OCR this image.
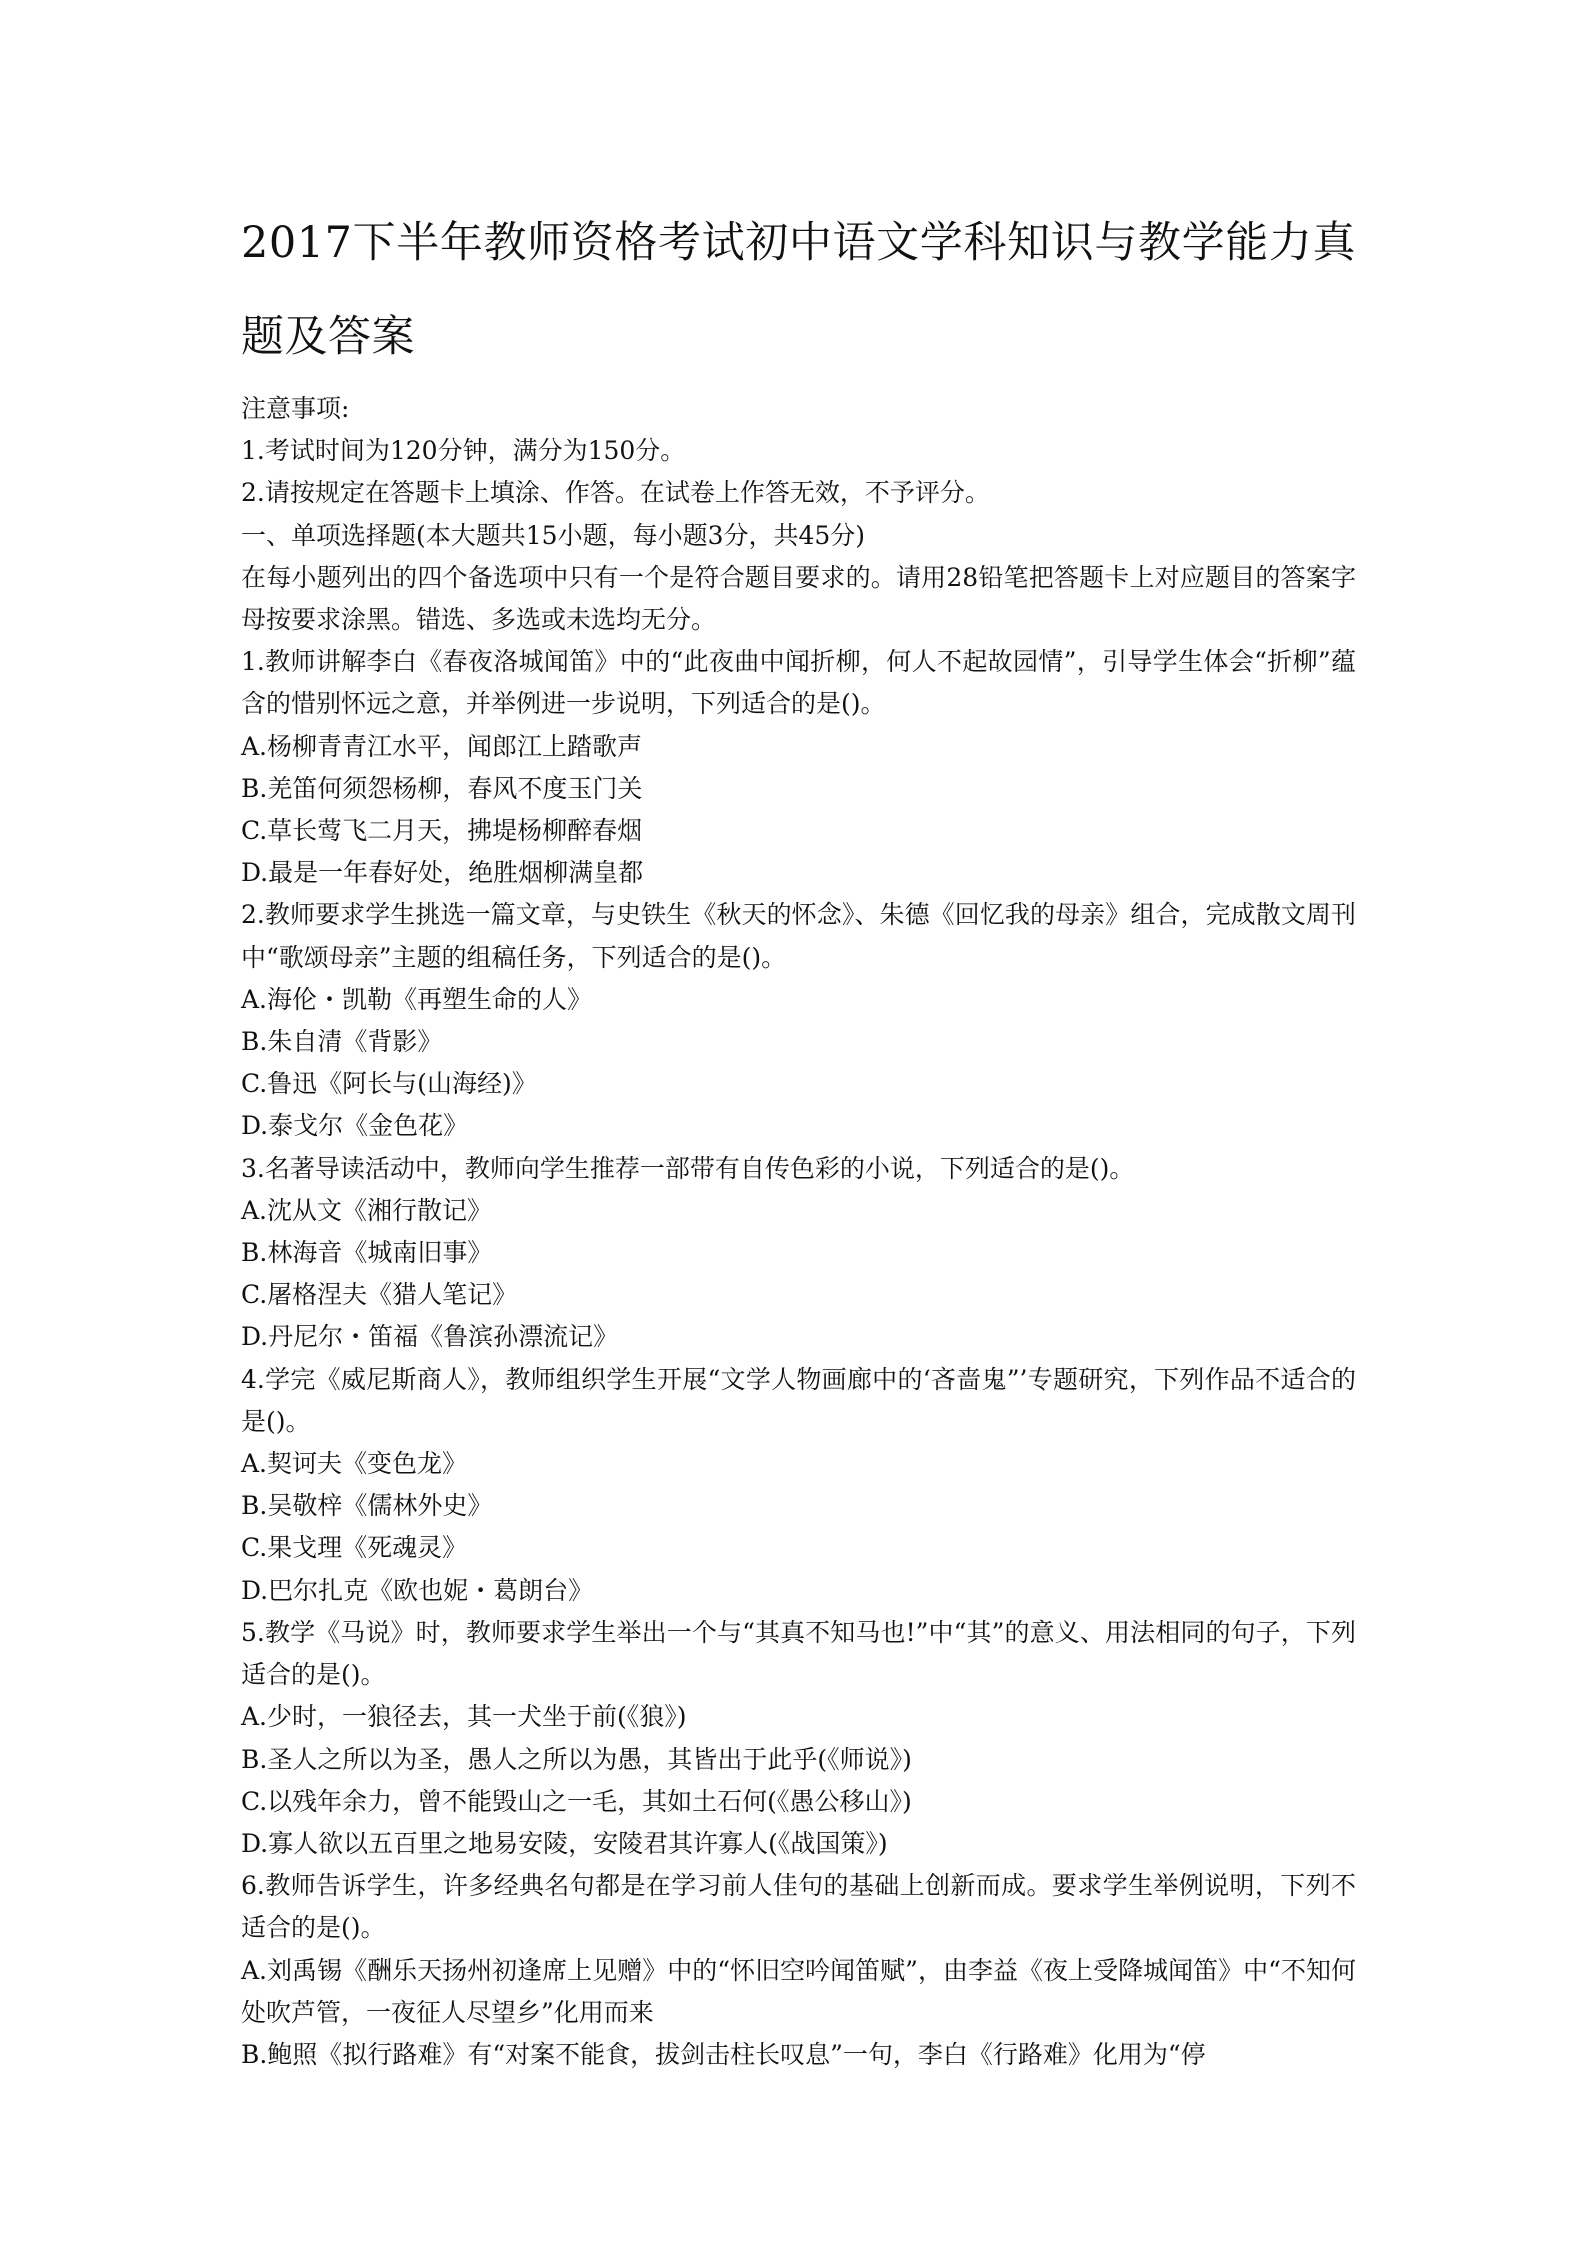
2017下半年教师资格考试初中语文学科知识与教学能力真题及答案

注意事项:

1.考试时间为120分钟，满分为150分。

2.请按规定在答题卡上填涂、作答。在试卷上作答无效，不予评分。

一、单项选择题(本大题共15小题，每小题3分，共45分)

在每小题列出的四个备选项中只有一个是符合题目要求的。请用28铅笔把答题卡上对应题目的答案字母按要求涂黑。错选、多选或未选均无分。

1.教师讲解李白《春夜洛城闻笛》中的“此夜曲中闻折柳，何人不起故园情”，引导学生体会“折柳”蕴含的惜别怀远之意，并举例进一步说明，下列适合的是()。

A.杨柳青青江水平，闻郎江上踏歌声

B.羌笛何须怨杨柳，春风不度玉门关

C.草长莺飞二月天，拂堤杨柳醉春烟

D.最是一年春好处，绝胜烟柳满皇都

2.教师要求学生挑选一篇文章，与史铁生《秋天的怀念》、朱德《回忆我的母亲》组合，完成散文周刊中“歌颂母亲”主题的组稿任务，下列适合的是()。

A.海伦・凯勒《再塑生命的人》

B.朱自清《背影》

C.鲁迅《阿长与(山海经)》

D.泰戈尔《金色花》

3.名著导读活动中，教师向学生推荐一部带有自传色彩的小说，下列适合的是()。

A.沈从文《湘行散记》

B.林海音《城南旧事》

C.屠格涅夫《猎人笔记》

D.丹尼尔・笛福《鲁滨孙漂流记》

4.学完《威尼斯商人》，教师组织学生开展“文学人物画廊中的‘吝啬鬼”’专题研究，下列作品不适合的是()。

A.契诃夫《变色龙》

B.吴敬梓《儒林外史》

C.果戈理《死魂灵》

D.巴尔扎克《欧也妮・葛朗台》

5.教学《马说》时，教师要求学生举出一个与“其真不知马也!”中“其”的意义、用法相同的句子，下列适合的是()。

A.少时，一狼径去，其一犬坐于前(《狼》)

B.圣人之所以为圣，愚人之所以为愚，其皆出于此乎(《师说》)

C.以残年余力，曾不能毁山之一毛，其如土石何(《愚公移山》)

D.寡人欲以五百里之地易安陵，安陵君其许寡人(《战国策》)

6.教师告诉学生，许多经典名句都是在学习前人佳句的基础上创新而成。要求学生举例说明，下列不适合的是()。

A.刘禹锡《酬乐天扬州初逢席上见赠》中的“怀旧空吟闻笛赋”，由李益《夜上受降城闻笛》中“不知何处吹芦管，一夜征人尽望乡”化用而来

B.鲍照《拟行路难》有“对案不能食，拔剑击柱长叹息”一句，李白《行路难》化用为“停
